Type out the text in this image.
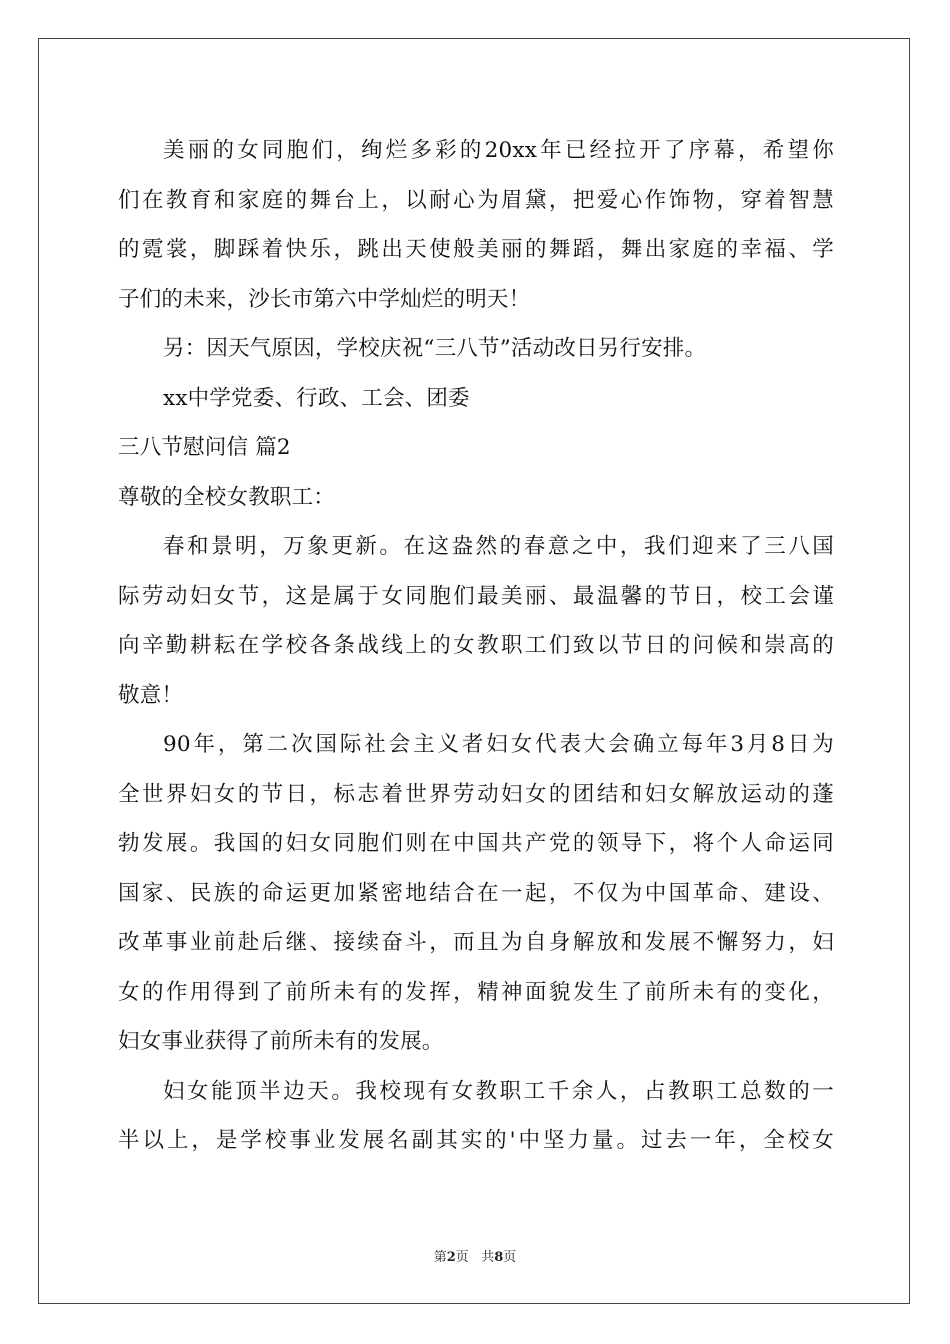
美丽的女同胞们，绚烂多彩的20xx年已经拉开了序幕，希望你
们在教育和家庭的舞台上，以耐心为眉黛，把爱心作饰物，穿着智慧
的霓裳，脚踩着快乐，跳出天使般美丽的舞蹈，舞出家庭的幸福、学
子们的未来，沙长市第六中学灿烂的明天！
另：因天气原因，学校庆祝“三八节”活动改日另行安排。
xx中学党委、行政、工会、团委
三八节慰问信 篇2
尊敬的全校女教职工：
春和景明，万象更新。在这盎然的春意之中，我们迎来了三八国
际劳动妇女节，这是属于女同胞们最美丽、最温馨的节日，校工会谨
向辛勤耕耘在学校各条战线上的女教职工们致以节日的问候和崇高的
敬意！
90年，第二次国际社会主义者妇女代表大会确立每年3月8日为
全世界妇女的节日，标志着世界劳动妇女的团结和妇女解放运动的蓬
勃发展。我国的妇女同胞们则在中国共产党的领导下，将个人命运同
国家、民族的命运更加紧密地结合在一起，不仅为中国革命、建设、
改革事业前赴后继、接续奋斗，而且为自身解放和发展不懈努力，妇
女的作用得到了前所未有的发挥，精神面貌发生了前所未有的变化，
妇女事业获得了前所未有的发展。
妇女能顶半边天。我校现有女教职工千余人，占教职工总数的一
半以上，是学校事业发展名副其实的'中坚力量。过去一年，全校女
第2页 共8页
